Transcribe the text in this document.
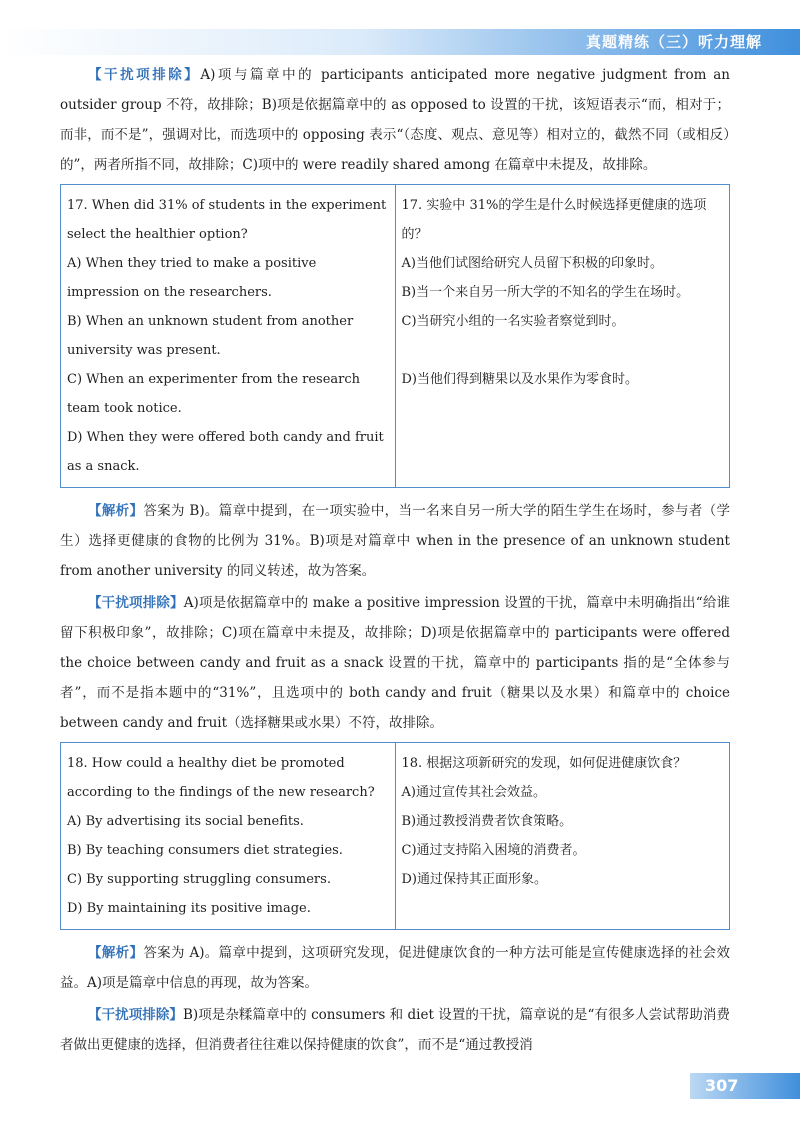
真题精练（三）听力理解

【干扰项排除】A)项与篇章中的 participants anticipated more negative judgment from an outsider group 不符，故排除；B)项是依据篇章中的 as opposed to 设置的干扰，该短语表示“而，相对于；而非，而不是”，强调对比，而选项中的 opposing 表示“（态度、观点、意见等）相对立的，截然不同（或相反）的”，两者所指不同，故排除；C)项中的 were readily shared among 在篇章中未提及，故排除。

17. When did 31% of students in the experiment select the healthier option?
A) When they tried to make a positive impression on the researchers.
B) When an unknown student from another university was present.
C) When an experimenter from the research team took notice.
D) When they were offered both candy and fruit as a snack.

17. 实验中 31%的学生是什么时候选择更健康的选项的？
A)当他们试图给研究人员留下积极的印象时。
B)当一个来自另一所大学的不知名的学生在场时。
C)当研究小组的一名实验者察觉到时。
D)当他们得到糖果以及水果作为零食时。

【解析】答案为 B)。篇章中提到，在一项实验中，当一名来自另一所大学的陌生学生在场时，参与者（学生）选择更健康的食物的比例为 31%。B)项是对篇章中 when in the presence of an unknown student from another university 的同义转述，故为答案。

【干扰项排除】A)项是依据篇章中的 make a positive impression 设置的干扰，篇章中未明确指出“给谁留下积极印象”，故排除；C)项在篇章中未提及，故排除；D)项是依据篇章中的 participants were offered the choice between candy and fruit as a snack 设置的干扰，篇章中的 participants 指的是“全体参与者”，而不是指本题中的“31%”，且选项中的 both candy and fruit（糖果以及水果）和篇章中的 choice between candy and fruit（选择糖果或水果）不符，故排除。

18. How could a healthy diet be promoted according to the findings of the new research?
A) By advertising its social benefits.
B) By teaching consumers diet strategies.
C) By supporting struggling consumers.
D) By maintaining its positive image.

18. 根据这项新研究的发现，如何促进健康饮食？
A)通过宣传其社会效益。
B)通过教授消费者饮食策略。
C)通过支持陷入困境的消费者。
D)通过保持其正面形象。

【解析】答案为 A)。篇章中提到，这项研究发现，促进健康饮食的一种方法可能是宣传健康选择的社会效益。A)项是篇章中信息的再现，故为答案。

【干扰项排除】B)项是杂糅篇章中的 consumers 和 diet 设置的干扰，篇章说的是“有很多人尝试帮助消费者做出更健康的选择，但消费者往往难以保持健康的饮食”，而不是“通过教授消

307
